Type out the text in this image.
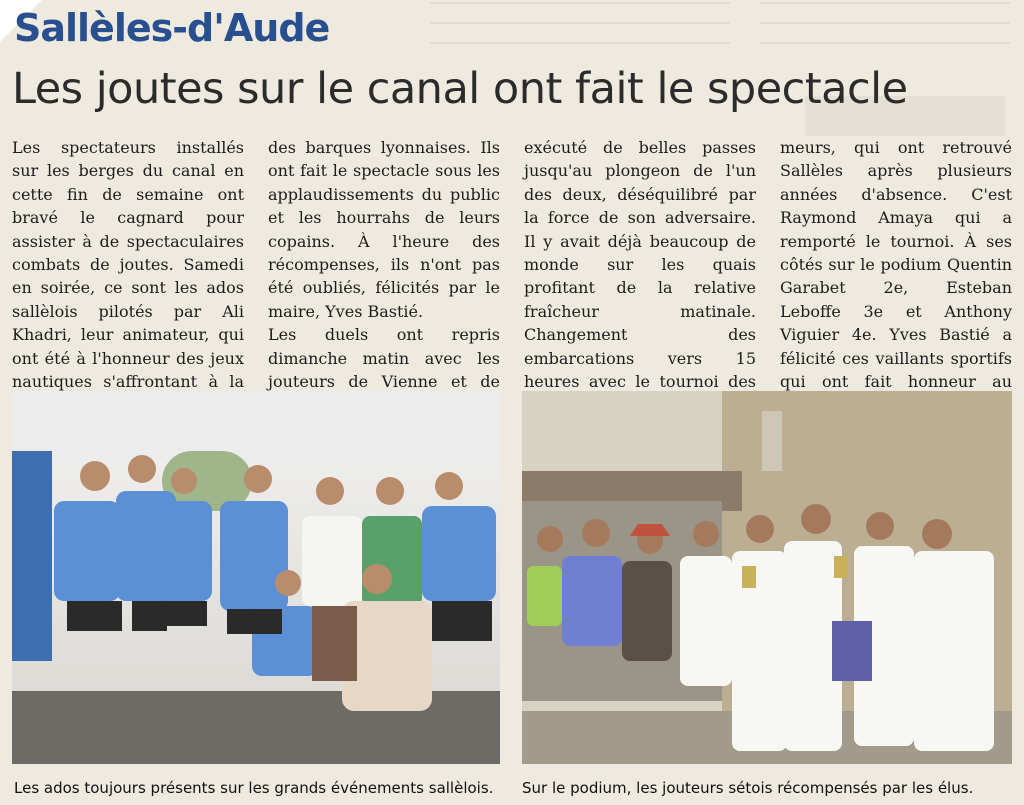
Sallèles-d'Aude
Les joutes sur le canal ont fait le spectacle

Les spectateurs installés sur les berges du canal en cette fin de semaine ont bravé le cagnard pour assister à de spectaculaires combats de joutes. Samedi en soirée, ce sont les ados sallèlois pilotés par Ali Khadri, leur animateur, qui ont été à l'honneur des jeux nautiques s'affrontant à la

des barques lyonnaises. Ils ont fait le spectacle sous les applaudissements du public et les hourrahs de leurs copains. À l'heure des récompenses, ils n'ont pas été oubliés, félicités par le maire, Yves Bastié.

Les duels ont repris dimanche matin avec les jouteurs de Vienne et de

exécuté de belles passes jusqu'au plongeon de l'un des deux, déséquilibré par la force de son adversaire. Il y avait déjà beaucoup de monde sur les quais profitant de la relative fraîcheur matinale. Changement des embarcations vers 15 heures avec le tournoi des

meurs, qui ont retrouvé Sallèles après plusieurs années d'absence. C'est Raymond Amaya qui a remporté le tournoi. À ses côtés sur le podium Quentin Garabet 2e, Esteban Leboffe 3e et Anthony Viguier 4e. Yves Bastié a félicité ces vaillants sportifs qui ont fait honneur au

Les ados toujours présents sur les grands événements sallèlois. Sur le podium, les jouteurs sétois récompensés par les élus.
